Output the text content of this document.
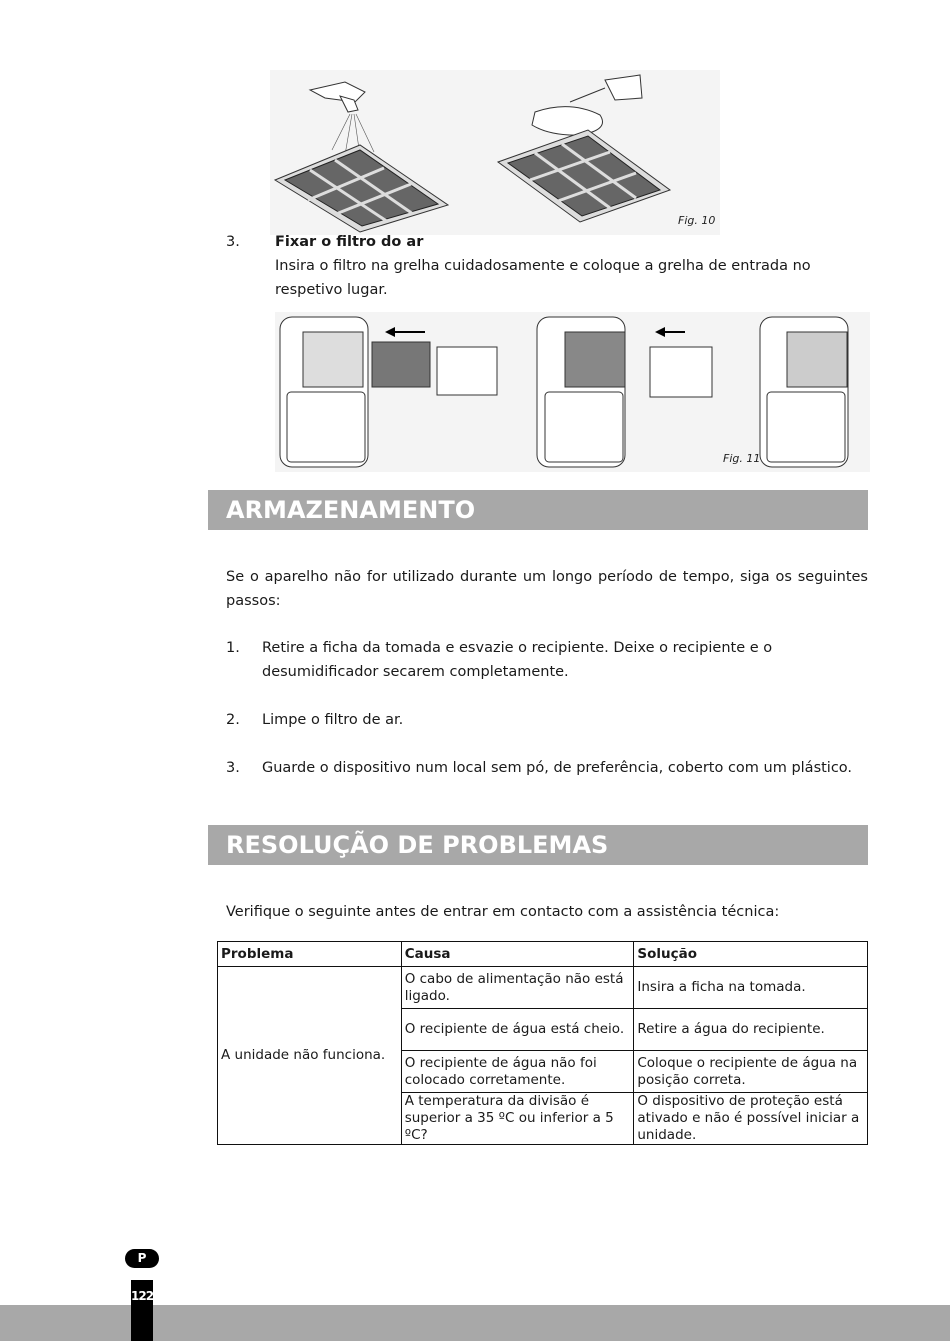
Fig. 10
3. Fixar o filtro do ar
Insira o filtro na grelha cuidadosamente e coloque a grelha de entrada no respetivo lugar.
Fig. 11
ARMAZENAMENTO
Se o aparelho não for utilizado durante um longo período de tempo, siga os seguintes passos:
1. Retire a ficha da tomada e esvazie o recipiente. Deixe o recipiente e o desumidificador secarem completamente.
2. Limpe o filtro de ar.
3. Guarde o dispositivo num local sem pó, de preferência, coberto com um plástico.
RESOLUÇÃO DE PROBLEMAS
Verifique o seguinte antes de entrar em contacto com a assistência técnica:
Problema	Causa	Solução
A unidade não funciona.	O cabo de alimentação não está ligado.	Insira a ficha na tomada.
	O recipiente de água está cheio.	Retire a água do recipiente.
	O recipiente de água não foi colocado corretamente.	Coloque o recipiente de água na posição correta.
	A temperatura da divisão é superior a 35 ºC ou inferior a 5 ºC?	O dispositivo de proteção está ativado e não é possível iniciar a unidade.
P
122
